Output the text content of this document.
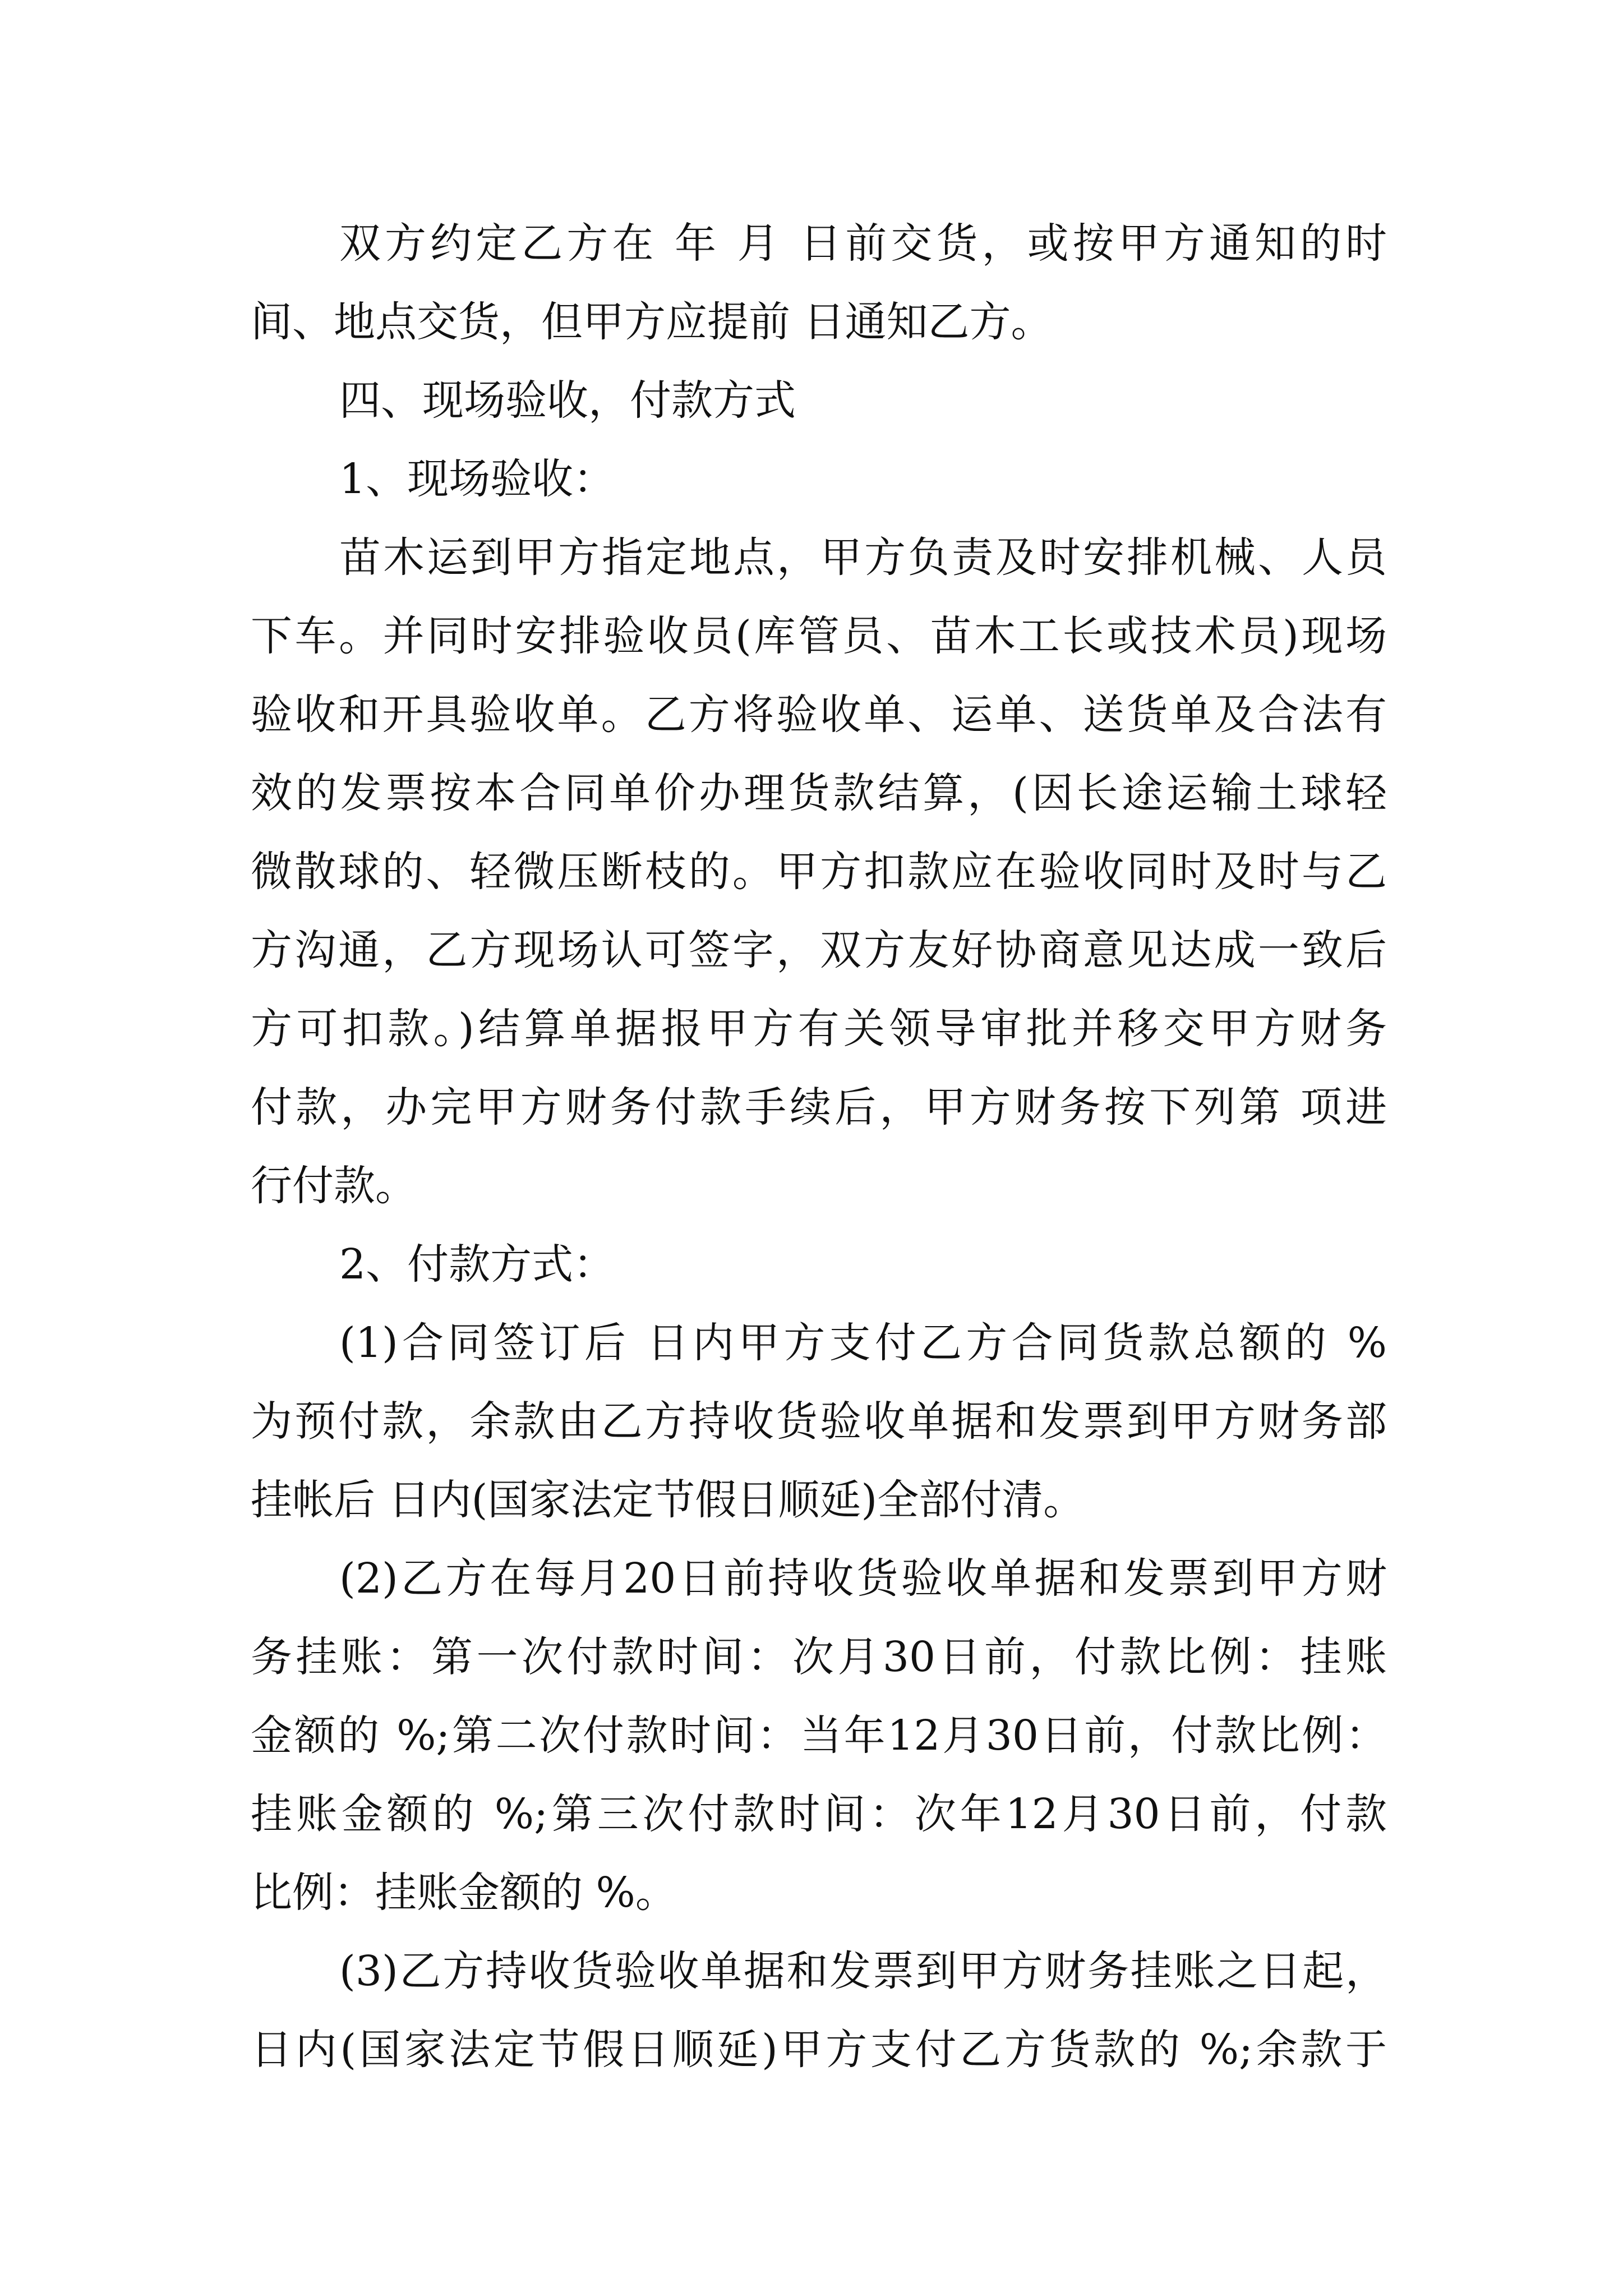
双方约定乙方在 年 月 日前交货，或按甲方通知的时
间、地点交货，但甲方应提前 日通知乙方。
四、现场验收，付款方式
1、现场验收：
苗木运到甲方指定地点，甲方负责及时安排机械、人员
下车。并同时安排验收员(库管员、苗木工长或技术员)现场
验收和开具验收单。乙方将验收单、运单、送货单及合法有
效的发票按本合同单价办理货款结算，(因长途运输土球轻
微散球的、轻微压断枝的。甲方扣款应在验收同时及时与乙
方沟通，乙方现场认可签字，双方友好协商意见达成一致后
方可扣款。)结算单据报甲方有关领导审批并移交甲方财务
付款，办完甲方财务付款手续后，甲方财务按下列第 项进
行付款。
2、付款方式：
(1)合同签订后 日内甲方支付乙方合同货款总额的 %
为预付款，余款由乙方持收货验收单据和发票到甲方财务部
挂帐后 日内(国家法定节假日顺延)全部付清。
(2)乙方在每月20日前持收货验收单据和发票到甲方财
务挂账：第一次付款时间：次月30日前，付款比例：挂账
金额的 %;第二次付款时间：当年12月30日前，付款比例：
挂账金额的 %;第三次付款时间：次年12月30日前，付款
比例：挂账金额的 %。
(3)乙方持收货验收单据和发票到甲方财务挂账之日起，
日内(国家法定节假日顺延)甲方支付乙方货款的 %;余款于
